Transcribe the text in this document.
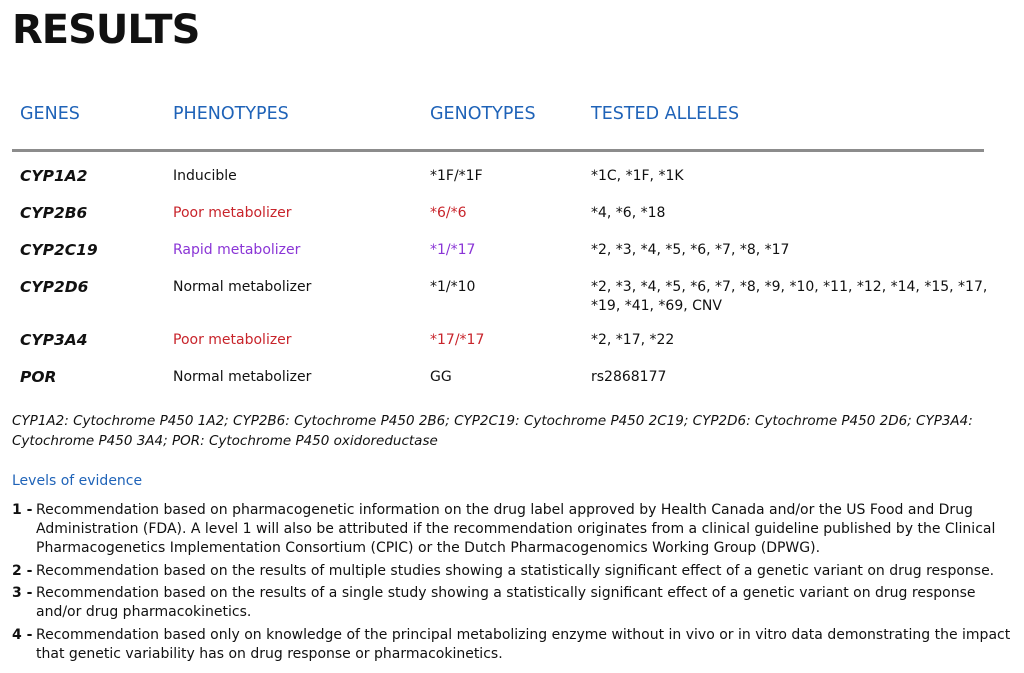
RESULTS
GENES	PHENOTYPES	GENOTYPES	TESTED ALLELES
CYP1A2	Inducible	*1F/*1F	*1C, *1F, *1K
CYP2B6	Poor metabolizer	*6/*6	*4, *6, *18
CYP2C19	Rapid metabolizer	*1/*17	*2, *3, *4, *5, *6, *7, *8, *17
CYP2D6	Normal metabolizer	*1/*10	*2, *3, *4, *5, *6, *7, *8, *9, *10, *11, *12, *14, *15, *17, *19, *41, *69, CNV
CYP3A4	Poor metabolizer	*17/*17	*2, *17, *22
POR	Normal metabolizer	GG	rs2868177
CYP1A2: Cytochrome P450 1A2; CYP2B6: Cytochrome P450 2B6; CYP2C19: Cytochrome P450 2C19; CYP2D6: Cytochrome P450 2D6; CYP3A4: Cytochrome P450 3A4; POR: Cytochrome P450 oxidoreductase
Levels of evidence
1 - Recommendation based on pharmacogenetic information on the drug label approved by Health Canada and/or the US Food and Drug Administration (FDA). A level 1 will also be attributed if the recommendation originates from a clinical guideline published by the Clinical Pharmacogenetics Implementation Consortium (CPIC) or the Dutch Pharmacogenomics Working Group (DPWG).
2 - Recommendation based on the results of multiple studies showing a statistically significant effect of a genetic variant on drug response.
3 - Recommendation based on the results of a single study showing a statistically significant effect of a genetic variant on drug response and/or drug pharmacokinetics.
4 - Recommendation based only on knowledge of the principal metabolizing enzyme without in vivo or in vitro data demonstrating the impact that genetic variability has on drug response or pharmacokinetics.
